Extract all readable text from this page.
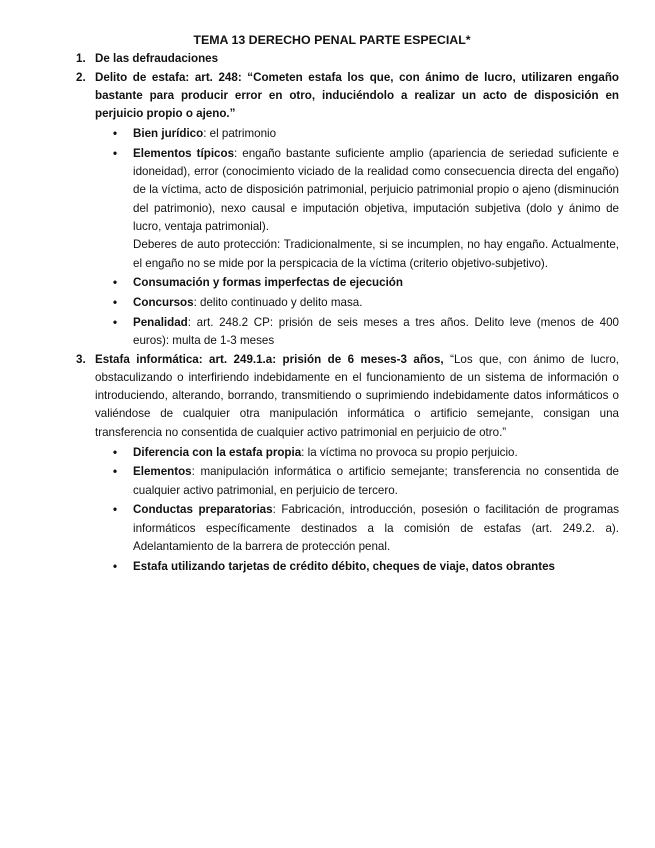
TEMA 13 DERECHO PENAL PARTE ESPECIAL*
1. De las defraudaciones
2. Delito de estafa: art. 248: “Cometen estafa los que, con ánimo de lucro, utilizaren engaño bastante para producir error en otro, induciéndolo a realizar un acto de disposición en perjuicio propio o ajeno.”
• Bien jurídico: el patrimonio
• Elementos típicos: engaño bastante suficiente amplio (apariencia de seriedad suficiente e idoneidad), error (conocimiento viciado de la realidad como consecuencia directa del engaño) de la víctima, acto de disposición patrimonial, perjuicio patrimonial propio o ajeno (disminución del patrimonio), nexo causal e imputación objetiva, imputación subjetiva (dolo y ánimo de lucro, ventaja patrimonial).
Deberes de auto protección: Tradicionalmente, si se incumplen, no hay engaño. Actualmente, el engaño no se mide por la perspicacia de la víctima (criterio objetivo-subjetivo).
• Consumación y formas imperfectas de ejecución
• Concursos: delito continuado y delito masa.
• Penalidad: art. 248.2 CP: prisión de seis meses a tres años. Delito leve (menos de 400 euros): multa de 1-3 meses
3. Estafa informática: art. 249.1.a: prisión de 6 meses-3 años, “Los que, con ánimo de lucro, obstaculizando o interfiriendo indebidamente en el funcionamiento de un sistema de información o introduciendo, alterando, borrando, transmitiendo o suprimiendo indebidamente datos informáticos o valiéndose de cualquier otra manipulación informática o artificio semejante, consigan una transferencia no consentida de cualquier activo patrimonial en perjuicio de otro.”
• Diferencia con la estafa propia: la víctima no provoca su propio perjuicio.
• Elementos: manipulación informática o artificio semejante; transferencia no consentida de cualquier activo patrimonial, en perjuicio de tercero.
• Conductas preparatorias: Fabricación, introducción, posesión o facilitación de programas informáticos específicamente destinados a la comisión de estafas (art. 249.2. a). Adelantamiento de la barrera de protección penal.
• Estafa utilizando tarjetas de crédito débito, cheques de viaje, datos obrantes
